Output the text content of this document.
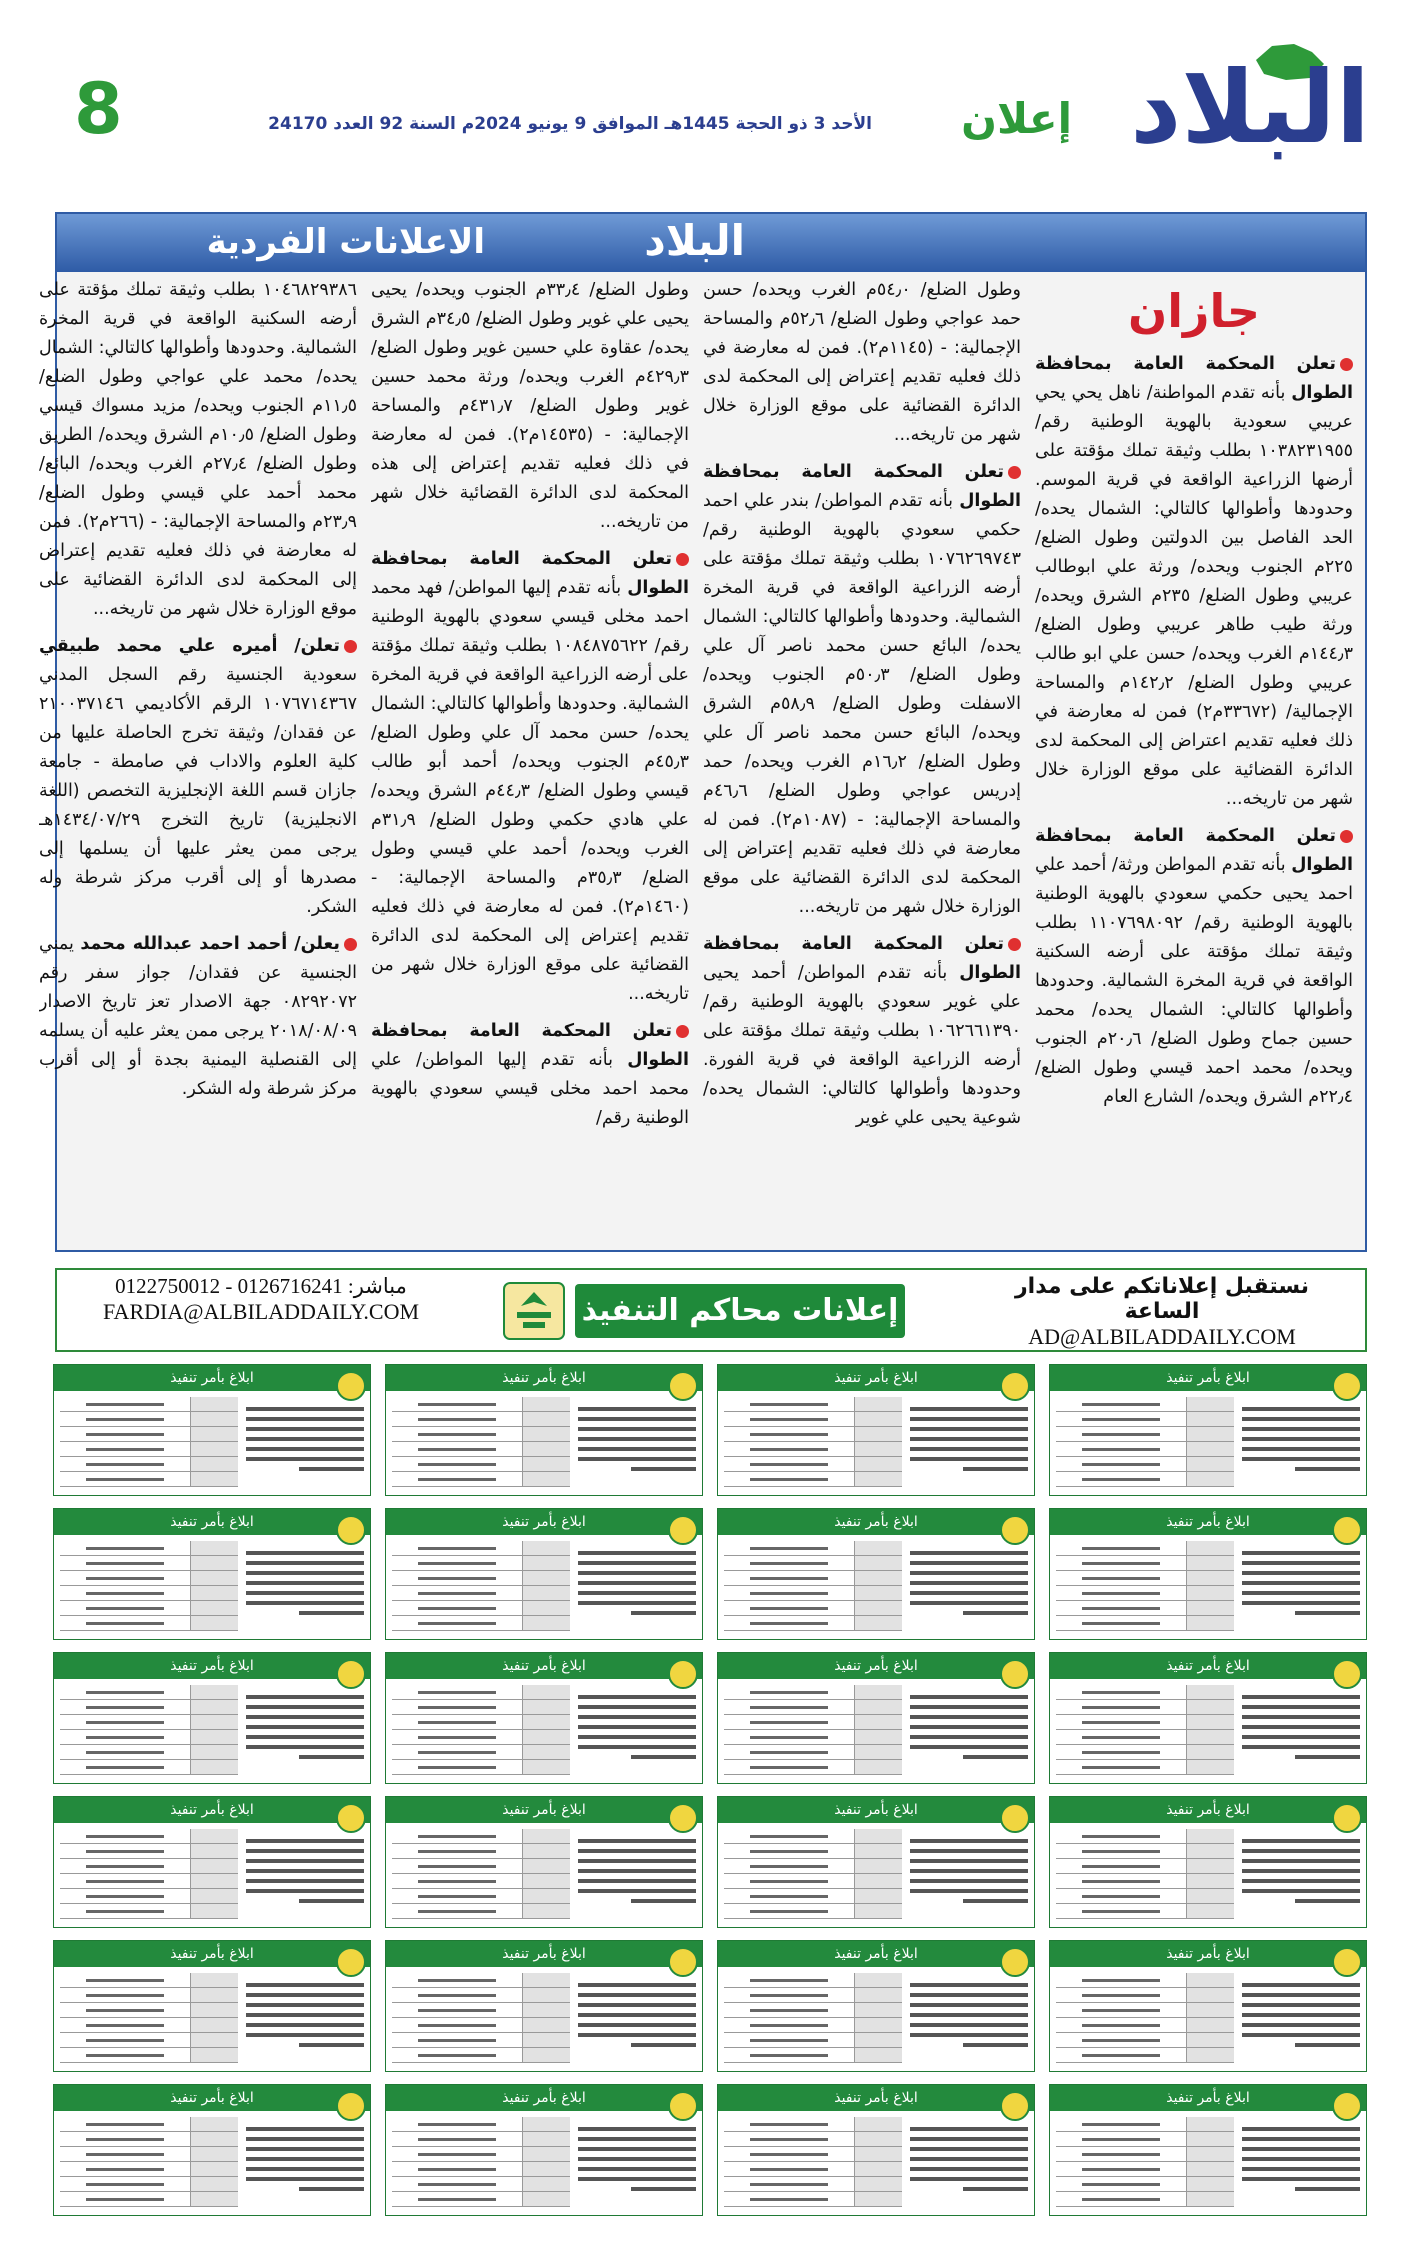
البلاد
إعلان
الأحد 3 ذو الحجة 1445هـ الموافق 9 يونيو 2024م السنة 92 العدد 24170
8
البلاد
الاعلانات الفردية
جازان

تعلن المحكمة العامة بمحافظة الطوال بأنه تقدم المواطنة/ ناهل يحي يحي عريبي سعودية بالهوية الوطنية رقم/ ١٠٣٨٢٣١٩٥٥ بطلب وثيقة تملك مؤقتة على أرضها الزراعية الواقعة في قرية الموسم. وحدودها وأطوالها كالتالي: الشمال يحده/ الحد الفاصل بين الدولتين وطول الضلع/ ٢٢٥م الجنوب ويحده/ ورثة علي ابوطالب عريبي وطول الضلع/ ٢٣٥م الشرق ويحده/ ورثة طيب طاهر عريبي وطول الضلع/ ١٤٤٫٣م الغرب ويحده/ حسن علي ابو طالب عريبي وطول الضلع/ ١٤٢٫٢م والمساحة الإجمالية/ (٣٣٦٧٢م٢) فمن له معارضة في ذلك فعليه تقديم اعتراض إلى المحكمة لدى الدائرة القضائية على موقع الوزارة خلال شهر من تاريخه...

تعلن المحكمة العامة بمحافظة الطوال بأنه تقدم المواطن ورثة/ أحمد علي احمد يحيى حكمي سعودي بالهوية الوطنية بالهوية الوطنية رقم/ ١١٠٧٦٩٨٠٩٢ بطلب وثيقة تملك مؤقتة على أرضه السكنية الواقعة في قرية المخرة الشمالية. وحدودها وأطوالها كالتالي: الشمال يحده/ محمد حسين جماح وطول الضلع/ ٢٠٫٦م الجنوب ويحده/ محمد احمد قيسي وطول الضلع/ ٢٢٫٤م الشرق ويحده/ الشارع العام

وطول الضلع/ ٥٤٫٠م الغرب ويحده/ حسن حمد عواجي وطول الضلع/ ٥٢٫٦م والمساحة الإجمالية: - (١١٤٥م٢). فمن له معارضة في ذلك فعليه تقديم إعتراض إلى المحكمة لدى الدائرة القضائية على موقع الوزارة خلال شهر من تاريخه...

تعلن المحكمة العامة بمحافظة الطوال بأنه تقدم المواطن/ بندر علي احمد حكمي سعودي بالهوية الوطنية رقم/ ١٠٧٦٢٦٩٧٤٣ بطلب وثيقة تملك مؤقتة على أرضه الزراعية الواقعة في قرية المخرة الشمالية. وحدودها وأطوالها كالتالي: الشمال يحده/ البائع حسن محمد ناصر آل علي وطول الضلع/ ٥٠٫٣م الجنوب ويحده/ الاسفلت وطول الضلع/ ٥٨٫٩م الشرق ويحده/ البائع حسن محمد ناصر آل علي وطول الضلع/ ١٦٫٢م الغرب ويحده/ حمد إدريس عواجي وطول الضلع/ ٤٦٫٦م والمساحة الإجمالية: - (١٠٨٧م٢). فمن له معارضة في ذلك فعليه تقديم إعتراض إلى المحكمة لدى الدائرة القضائية على موقع الوزارة خلال شهر من تاريخه...

تعلن المحكمة العامة بمحافظة الطوال بأنه تقدم المواطن/ أحمد يحيى علي غوير سعودي بالهوية الوطنية رقم/ ١٠٦٢٦٦١٣٩٠ بطلب وثيقة تملك مؤقتة على أرضه الزراعية الواقعة في قرية الفورة. وحدودها وأطوالها كالتالي: الشمال يحده/ شوعية يحيى علي غوير

وطول الضلع/ ٣٣٫٤م الجنوب ويحده/ يحيى يحيى علي غوير وطول الضلع/ ٣٤٫٥م الشرق يحده/ عقاوة علي حسين غوير وطول الضلع/ ٤٢٩٫٣م الغرب ويحده/ ورثة محمد حسين غوير وطول الضلع/ ٤٣١٫٧م والمساحة الإجمالية: - (١٤٥٣٥م٢). فمن له معارضة في ذلك فعليه تقديم إعتراض إلى هذه المحكمة لدى الدائرة القضائية خلال شهر من تاريخه...

تعلن المحكمة العامة بمحافظة الطوال بأنه تقدم إليها المواطن/ فهد محمد احمد مخلى قيسي سعودي بالهوية الوطنية رقم/ ١٠٨٤٨٧٥٦٢٢ بطلب وثيقة تملك مؤقتة على أرضه الزراعية الواقعة في قرية المخرة الشمالية. وحدودها وأطوالها كالتالي: الشمال يحده/ حسن محمد آل علي وطول الضلع/ ٤٥٫٣م الجنوب ويحده/ أحمد أبو طالب قيسي وطول الضلع/ ٤٤٫٣م الشرق ويحده/ علي هادي حكمي وطول الضلع/ ٣١٫٩م الغرب ويحده/ أحمد علي قيسي وطول الضلع/ ٣٥٫٣م والمساحة الإجمالية: - (١٤٦٠م٢). فمن له معارضة في ذلك فعليه تقديم إعتراض إلى المحكمة لدى الدائرة القضائية على موقع الوزارة خلال شهر من تاريخه...

تعلن المحكمة العامة بمحافظة الطوال بأنه تقدم إليها المواطن/ علي محمد احمد مخلى قيسي سعودي بالهوية الوطنية رقم/

١٠٤٦٨٢٩٣٨٦ بطلب وثيقة تملك مؤقتة على أرضه السكنية الواقعة في قرية المخرة الشمالية. وحدودها وأطوالها كالتالي: الشمال يحده/ محمد علي عواجي وطول الضلع/ ١١٫٥م الجنوب ويحده/ مزيد مسواك قيسي وطول الضلع/ ١٠٫٥م الشرق ويحده/ الطريق وطول الضلع/ ٢٧٫٤م الغرب ويحده/ البائع/ محمد أحمد علي قيسي وطول الضلع/ ٢٣٫٩م والمساحة الإجمالية: - (٢٦٦م٢). فمن له معارضة في ذلك فعليه تقديم إعتراض إلى المحكمة لدى الدائرة القضائية على موقع الوزارة خلال شهر من تاريخه...

تعلن/ أميره علي محمد طبيقي سعودية الجنسية رقم السجل المدني ١٠٧٦٧١٤٣٦٧ الرقم الأكاديمي ٢١٠٠٣٧١٤٦ عن فقدان/ وثيقة تخرج الحاصلة عليها من كلية العلوم والاداب في صامطة - جامعة جازان قسم اللغة الإنجليزية التخصص (اللغة الانجليزية) تاريخ التخرج ١٤٣٤/٠٧/٢٩هـ يرجى ممن يعثر عليها أن يسلمها إلى مصدرها أو إلى أقرب مركز شرطة وله الشكر.

يعلن/ أحمد احمد عبدالله محمد يمني الجنسية عن فقدان/ جواز سفر رقم ٠٨٢٩٢٠٧٢ جهة الاصدار تعز تاريخ الاصدار ٢٠١٨/٠٨/٠٩ يرجى ممن يعثر عليه أن يسلمه إلى القنصلية اليمنية بجدة أو إلى أقرب مركز شرطة وله الشكر.

نستقبل إعلاناتكم على مدار الساعة
AD@ALBILADDAILY.COM
إعلانات محاكم التنفيذ
مباشر: 0126716241 - 0122750012
FARDIA@ALBILADDAILY.COM
ابلاغ بأمر تنفيذ
ابلاغ بأمر تنفيذ
ابلاغ بأمر تنفيذ
ابلاغ بأمر تنفيذ
ابلاغ بأمر تنفيذ
ابلاغ بأمر تنفيذ
ابلاغ بأمر تنفيذ
ابلاغ بأمر تنفيذ
ابلاغ بأمر تنفيذ
ابلاغ بأمر تنفيذ
ابلاغ بأمر تنفيذ
ابلاغ بأمر تنفيذ
ابلاغ بأمر تنفيذ
ابلاغ بأمر تنفيذ
ابلاغ بأمر تنفيذ
ابلاغ بأمر تنفيذ
ابلاغ بأمر تنفيذ
ابلاغ بأمر تنفيذ
ابلاغ بأمر تنفيذ
ابلاغ بأمر تنفيذ
ابلاغ بأمر تنفيذ
ابلاغ بأمر تنفيذ
ابلاغ بأمر تنفيذ
ابلاغ بأمر تنفيذ
